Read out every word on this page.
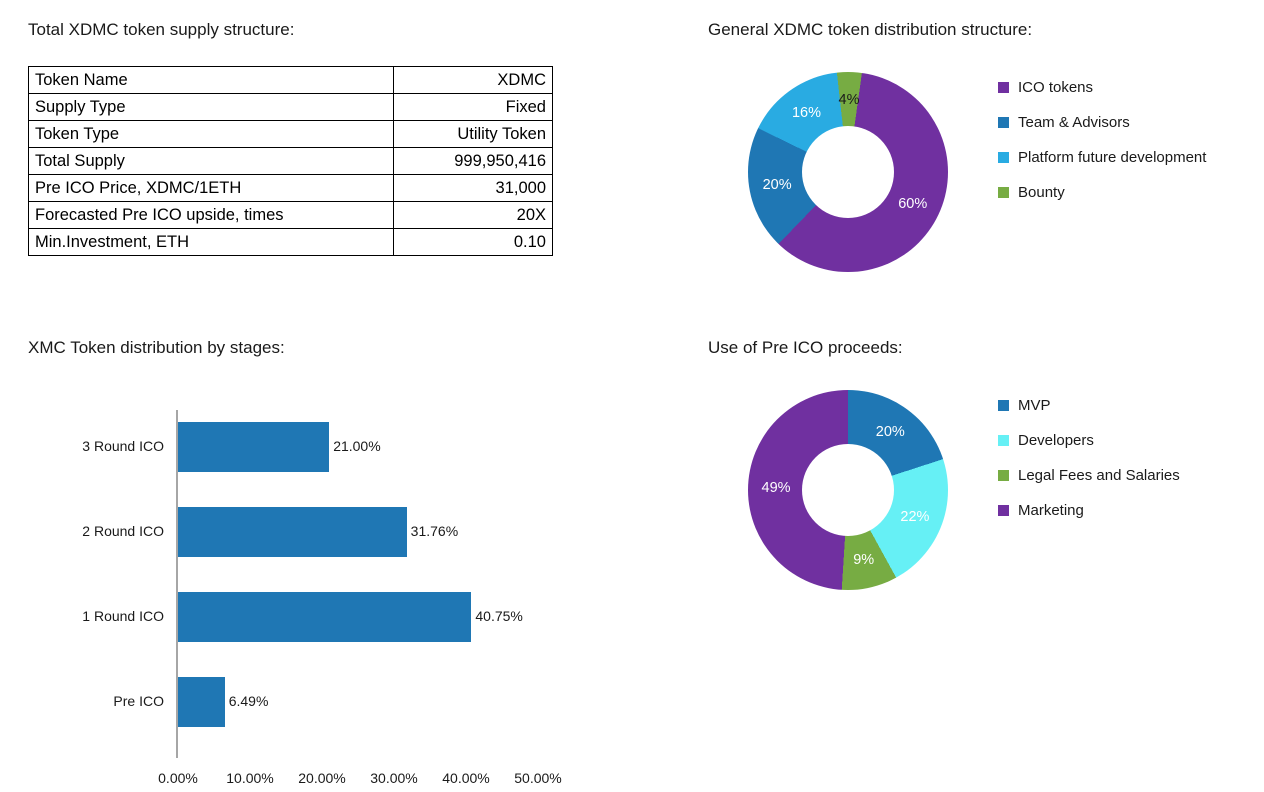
Total XDMC token supply structure:
Token Name	XDMC
Supply Type	Fixed
Token Type	Utility Token
Total Supply	999,950,416
Pre ICO Price, XDMC/1ETH	31,000
Forecasted Pre ICO upside, times	20X
Min.Investment, ETH	0.10
XMC Token distribution by stages:
3 Round ICO	21.00%
2 Round ICO	31.76%
1 Round ICO	40.75%
Pre ICO	6.49%
0.00% 10.00% 20.00% 30.00% 40.00% 50.00%
General XDMC token distribution structure:
60%
20%
16%
4%
ICO tokens
Team & Advisors
Platform future development
Bounty
Use of Pre ICO proceeds:
20%
22%
9%
49%
MVP
Developers
Legal Fees and Salaries
Marketing
